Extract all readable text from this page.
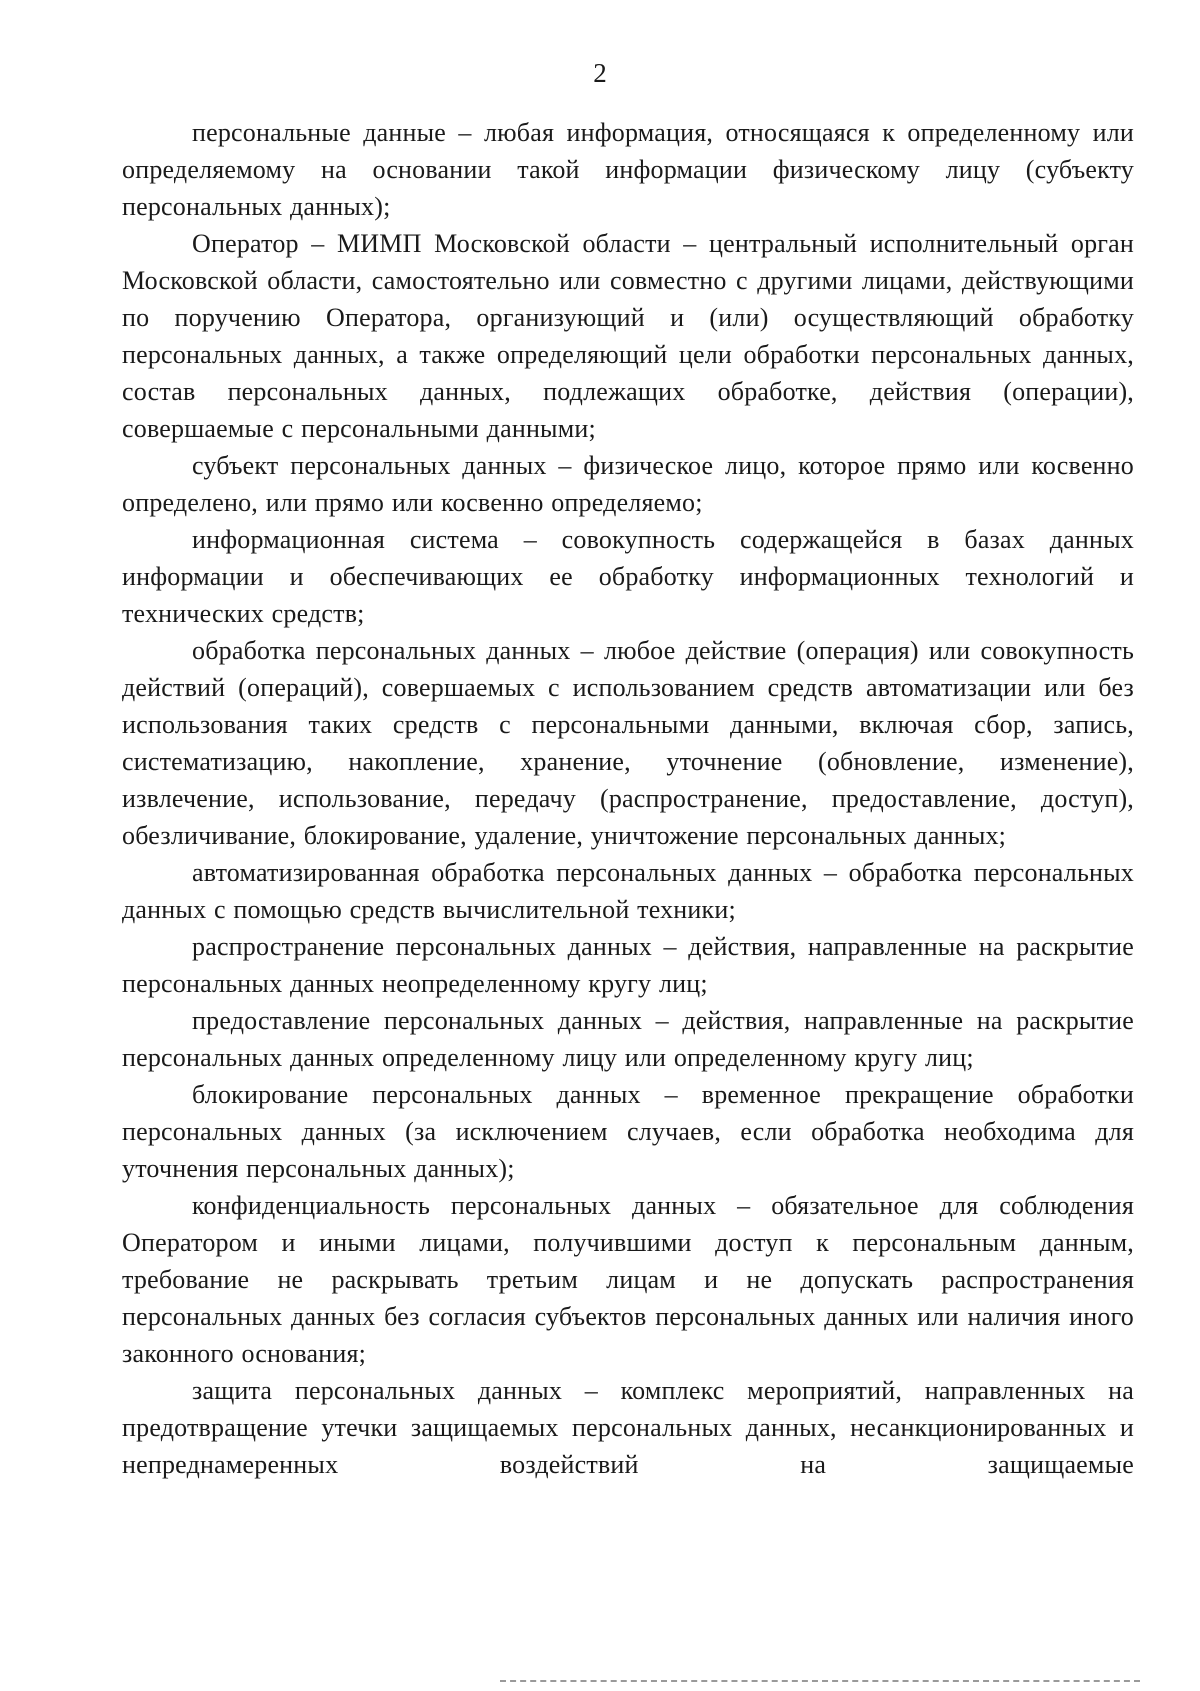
2

персональные данные – любая информация, относящаяся к определенному или определяемому на основании такой информации физическому лицу (субъекту персональных данных);

Оператор – МИМП Московской области – центральный исполнительный орган Московской области, самостоятельно или совместно с другими лицами, действующими по поручению Оператора, организующий и (или) осуществляющий обработку персональных данных, а также определяющий цели обработки персональных данных, состав персональных данных, подлежащих обработке, действия (операции), совершаемые с персональными данными;

субъект персональных данных – физическое лицо, которое прямо или косвенно определено, или прямо или косвенно определяемо;

информационная система – совокупность содержащейся в базах данных информации и обеспечивающих ее обработку информационных технологий и технических средств;

обработка персональных данных – любое действие (операция) или совокупность действий (операций), совершаемых с использованием средств автоматизации или без использования таких средств с персональными данными, включая сбор, запись, систематизацию, накопление, хранение, уточнение (обновление, изменение), извлечение, использование, передачу (распространение, предоставление, доступ), обезличивание, блокирование, удаление, уничтожение персональных данных;

автоматизированная обработка персональных данных – обработка персональных данных с помощью средств вычислительной техники;

распространение персональных данных – действия, направленные на раскрытие персональных данных неопределенному кругу лиц;

предоставление персональных данных – действия, направленные на раскрытие персональных данных определенному лицу или определенному кругу лиц;

блокирование персональных данных – временное прекращение обработки персональных данных (за исключением случаев, если обработка необходима для уточнения персональных данных);

конфиденциальность персональных данных – обязательное для соблюдения Оператором и иными лицами, получившими доступ к персональным данным, требование не раскрывать третьим лицам и не допускать распространения персональных данных без согласия субъектов персональных данных или наличия иного законного основания;

защита персональных данных – комплекс мероприятий, направленных на предотвращение утечки защищаемых персональных данных, несанкционированных и непреднамеренных воздействий на защищаемые
